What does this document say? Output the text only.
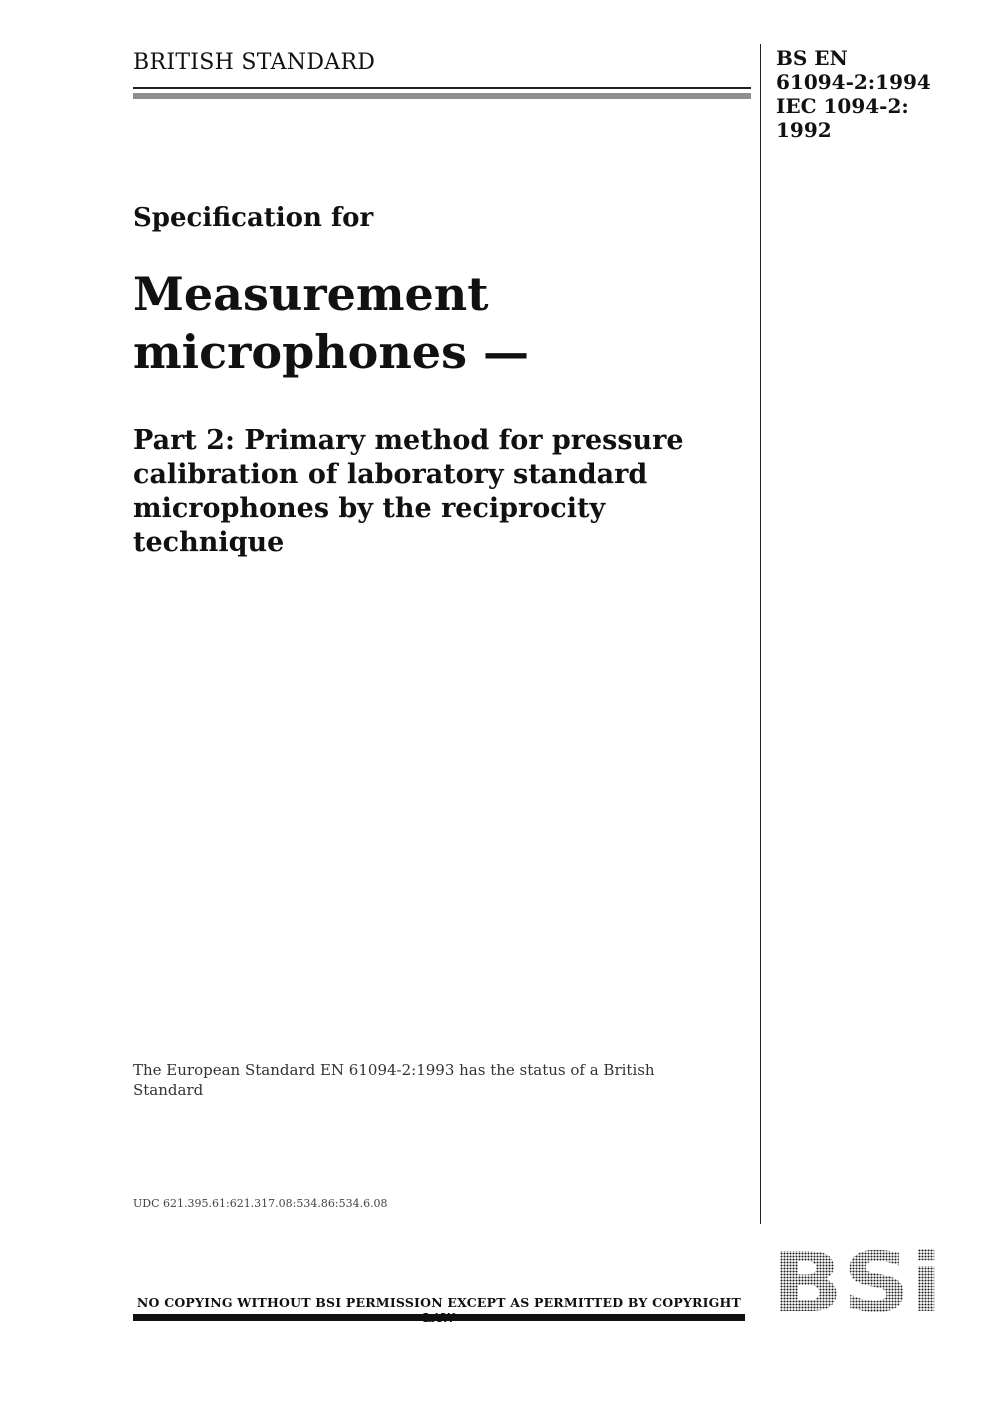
BRITISH STANDARD	BS EN
61094-2:1994
IEC 1094-2:
1992
Specification for
Measurement
microphones —
Part 2: Primary method for pressure calibration of laboratory standard microphones by the reciprocity technique
The European Standard EN 61094-2:1993 has the status of a British Standard
UDC 621.395.61:621.317.08:534.86:534.6.08
NO COPYING WITHOUT BSI PERMISSION EXCEPT AS PERMITTED BY COPYRIGHT BSi
